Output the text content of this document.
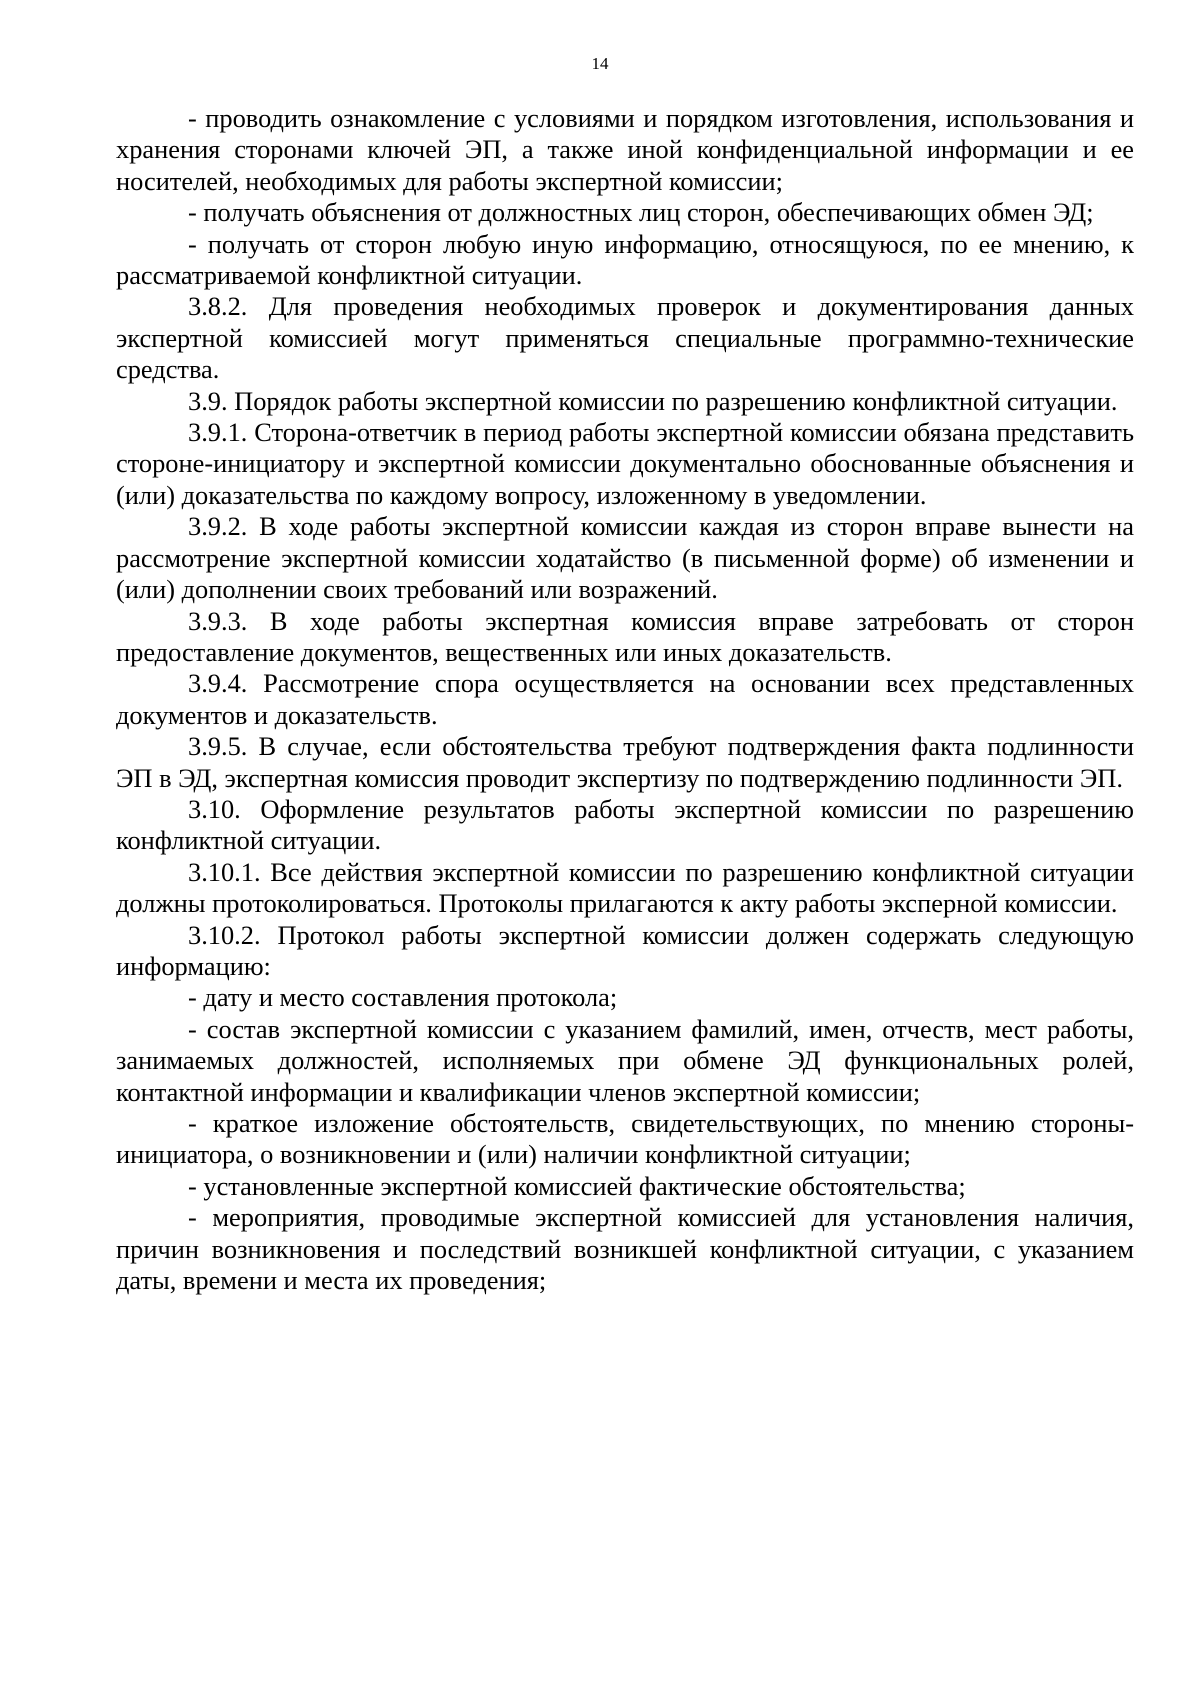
14

- проводить ознакомление с условиями и порядком изготовления, использования и хранения сторонами ключей ЭП, а также иной конфиденциальной информации и ее носителей, необходимых для работы экспертной комиссии;

- получать объяснения от должностных лиц сторон, обеспечивающих обмен ЭД;

- получать от сторон любую иную информацию, относящуюся, по ее мнению, к рассматриваемой конфликтной ситуации.

3.8.2. Для проведения необходимых проверок и документирования данных экспертной комиссией могут применяться специальные программно-технические средства.

3.9. Порядок работы экспертной комиссии по разрешению конфликтной ситуации.

3.9.1. Сторона-ответчик в период работы экспертной комиссии обязана представить стороне-инициатору и экспертной комиссии документально обоснованные объяснения и (или) доказательства по каждому вопросу, изложенному в уведомлении.

3.9.2. В ходе работы экспертной комиссии каждая из сторон вправе вынести на рассмотрение экспертной комиссии ходатайство (в письменной форме) об изменении и (или) дополнении своих требований или возражений.

3.9.3. В ходе работы экспертная комиссия вправе затребовать от сторон предоставление документов, вещественных или иных доказательств.

3.9.4. Рассмотрение спора осуществляется на основании всех представленных документов и доказательств.

3.9.5. В случае, если обстоятельства требуют подтверждения факта подлинности ЭП в ЭД, экспертная комиссия проводит экспертизу по подтверждению подлинности ЭП.

3.10. Оформление результатов работы экспертной комиссии по разрешению конфликтной ситуации.

3.10.1. Все действия экспертной комиссии по разрешению конфликтной ситуации должны протоколироваться. Протоколы прилагаются к акту работы эксперной комиссии.

3.10.2. Протокол работы экспертной комиссии должен содержать следующую информацию:

- дату и место составления протокола;

- состав экспертной комиссии с указанием фамилий, имен, отчеств, мест работы, занимаемых должностей, исполняемых при обмене ЭД функциональных ролей, контактной информации и квалификации членов экспертной комиссии;

- краткое изложение обстоятельств, свидетельствующих, по мнению стороны-инициатора, о возникновении и (или) наличии конфликтной ситуации;

- установленные экспертной комиссией фактические обстоятельства;

- мероприятия, проводимые экспертной комиссией для установления наличия, причин возникновения и последствий возникшей конфликтной ситуации, с указанием даты, времени и места их проведения;
